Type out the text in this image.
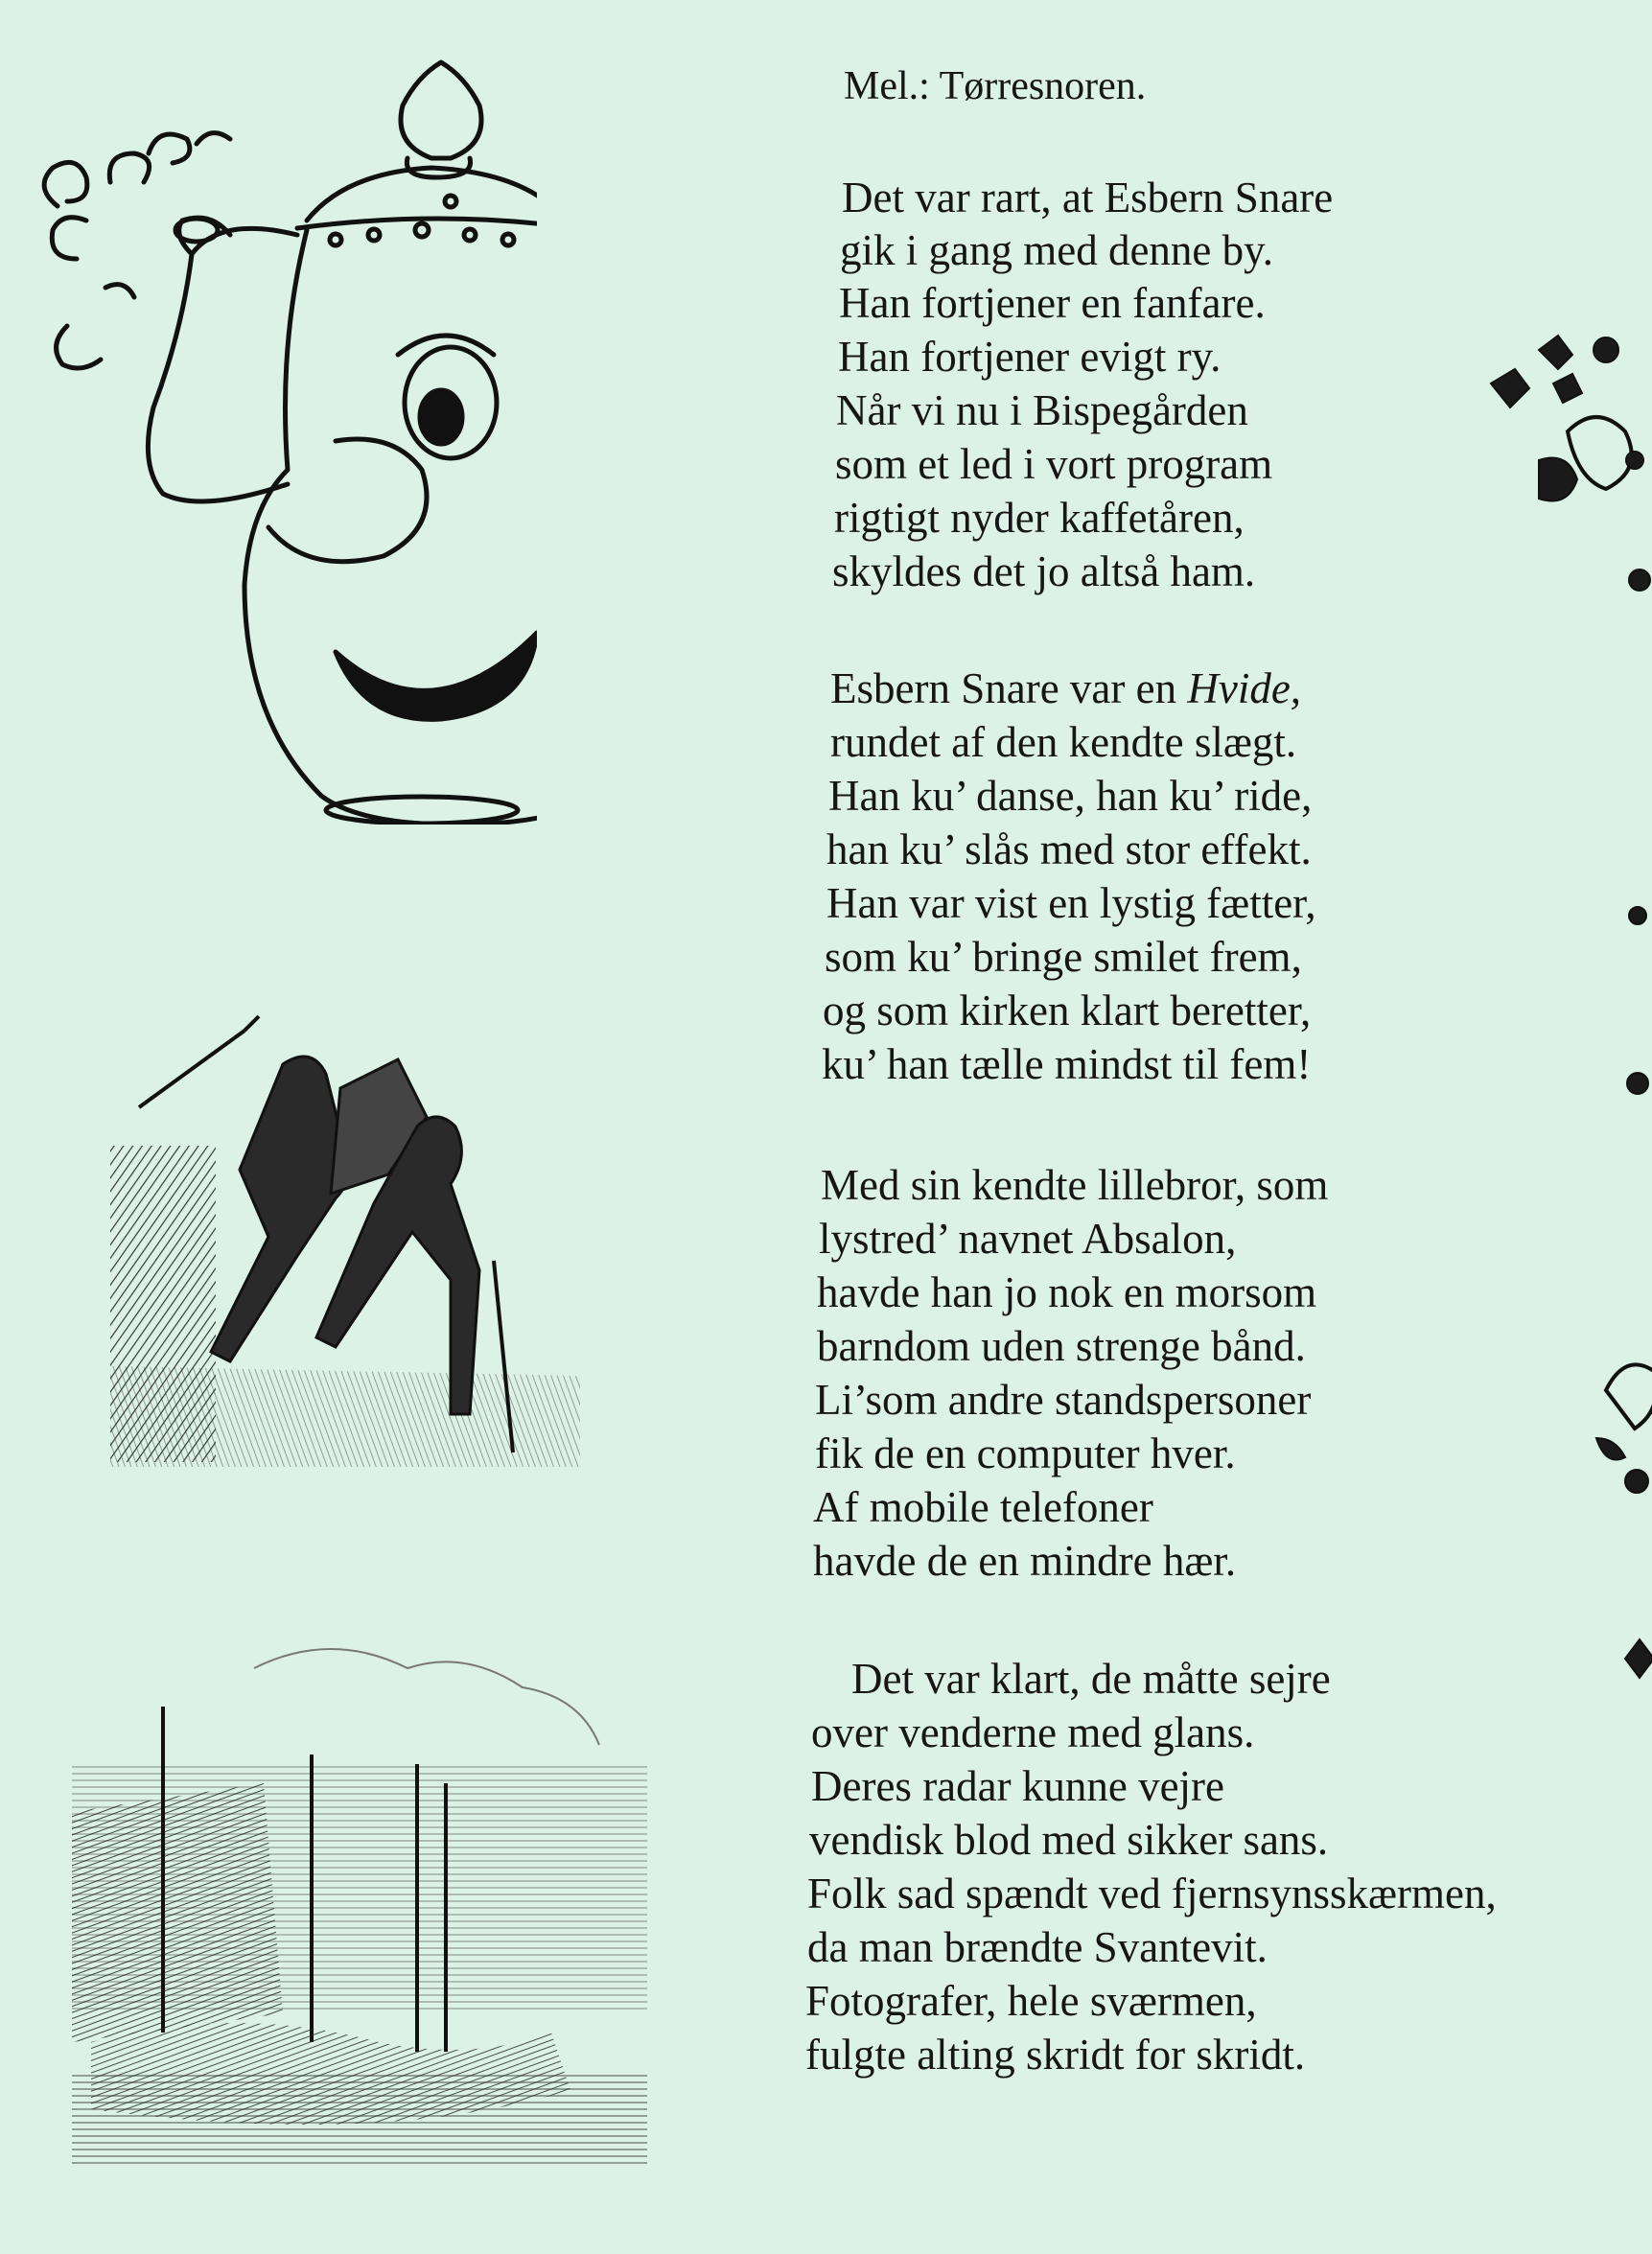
Mel.: Tørresnoren.
Det var rart, at Esbern Snare
gik i gang med denne by.
Han fortjener en fanfare.
Han fortjener evigt ry.
Når vi nu i Bispegården
som et led i vort program
rigtigt nyder kaffetåren,
skyldes det jo altså ham.
Esbern Snare var en Hvide,
rundet af den kendte slægt.
Han ku’ danse, han ku’ ride,
han ku’ slås med stor effekt.
Han var vist en lystig fætter,
som ku’ bringe smilet frem,
og som kirken klart beretter,
ku’ han tælle mindst til fem!
Med sin kendte lillebror, som
lystred’ navnet Absalon,
havde han jo nok en morsom
barndom uden strenge bånd.
Li’som andre standspersoner
fik de en computer hver.
Af mobile telefoner
havde de en mindre hær.
Det var klart, de måtte sejre
over venderne med glans.
Deres radar kunne vejre
vendisk blod med sikker sans.
Folk sad spændt ved fjernsynsskærmen,
da man brændte Svantevit.
Fotografer, hele sværmen,
fulgte alting skridt for skridt.
